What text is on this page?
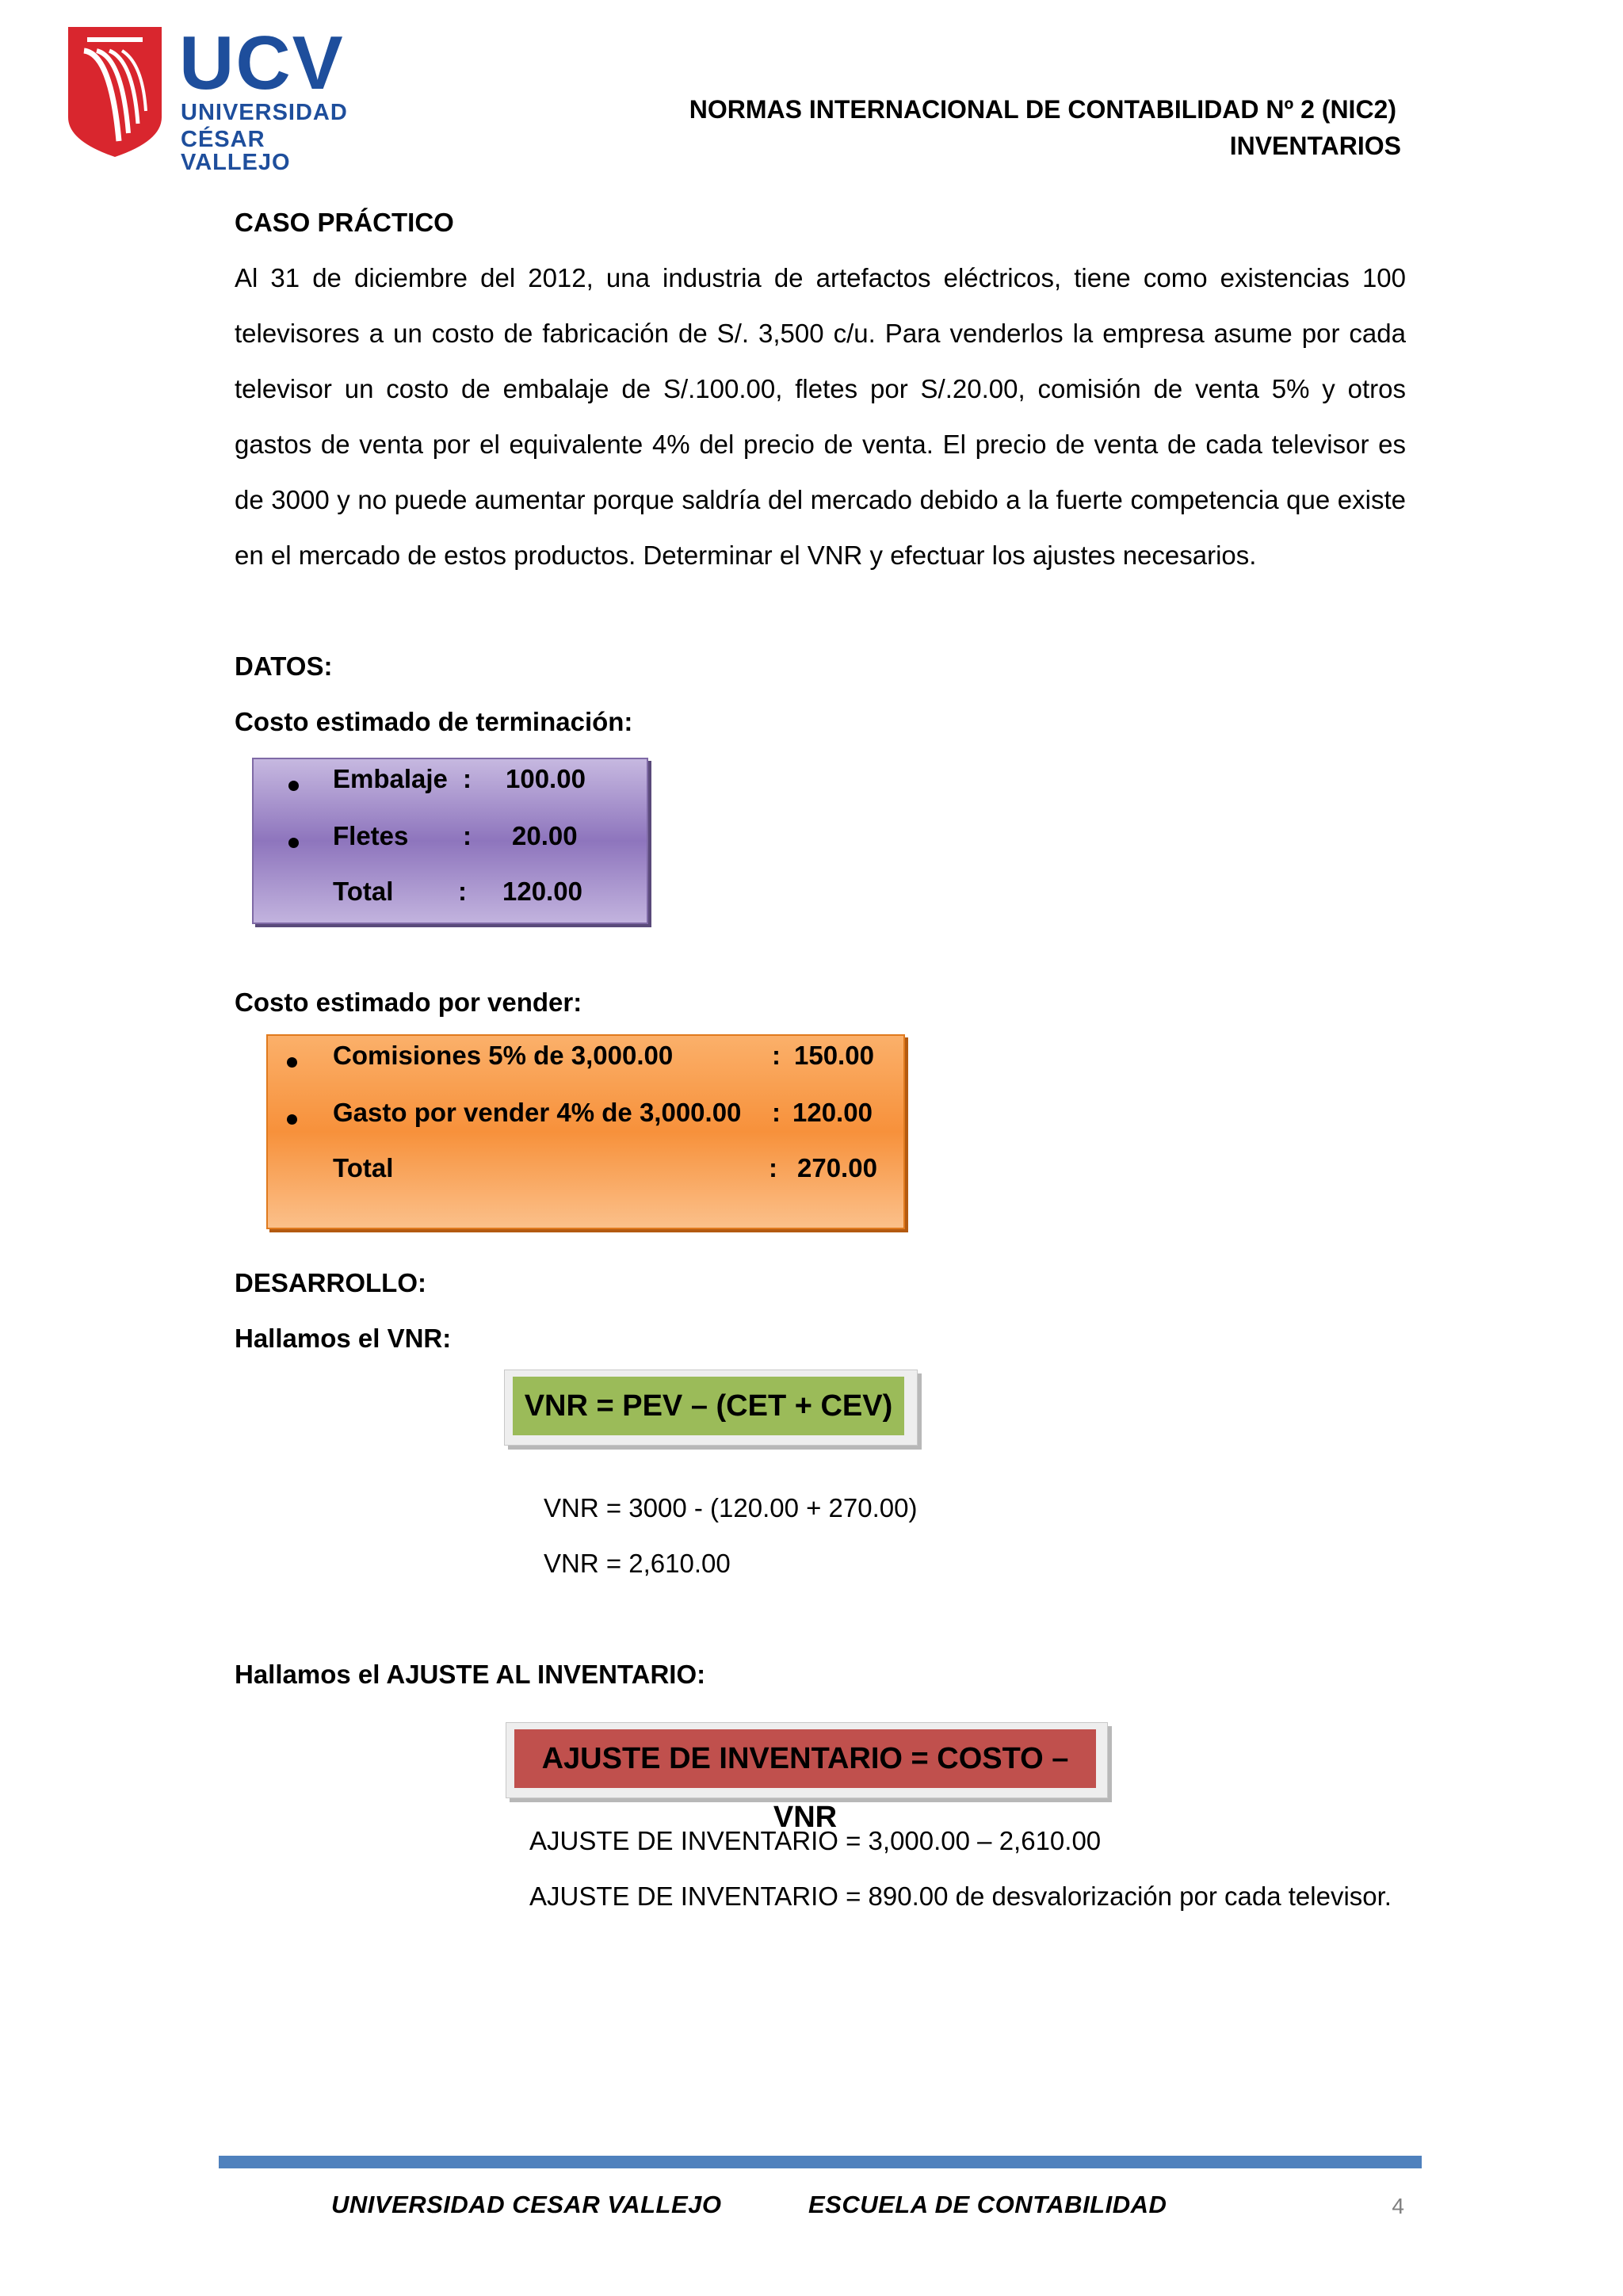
UCV
UNIVERSIDAD
CÉSAR VALLEJO
NORMAS INTERNACIONAL DE CONTABILIDAD Nº 2 (NIC2)
INVENTARIOS
CASO PRÁCTICO
Al 31 de diciembre del 2012, una industria de artefactos eléctricos, tiene como existencias 100 televisores a un costo de fabricación de S/. 3,500 c/u. Para venderlos la empresa asume por cada televisor un costo de embalaje de S/.100.00, fletes por S/.20.00, comisión de venta 5% y otros gastos de venta por el equivalente 4% del precio de venta. El precio de venta de cada televisor es de 3000 y no puede aumentar porque saldría del mercado debido a la fuerte competencia que existe en el mercado de estos productos. Determinar el VNR y efectuar los ajustes necesarios.
DATOS:
Costo estimado de terminación:
Embalaje : 100.00
Fletes : 20.00
Total : 120.00
Costo estimado por vender:
Comisiones 5% de 3,000.00	: 150.00
Gasto por vender 4% de 3,000.00 : 120.00
Total	: 270.00
DESARROLLO:
Hallamos el VNR:
VNR = PEV – (CET + CEV)
VNR = 3000 - (120.00 + 270.00)
VNR = 2,610.00
Hallamos el AJUSTE AL INVENTARIO:
AJUSTE DE INVENTARIO = COSTO – VNR
AJUSTE DE INVENTARIO = 3,000.00 – 2,610.00
AJUSTE DE INVENTARIO = 890.00 de desvalorización por cada televisor.
UNIVERSIDAD CESAR VALLEJO	ESCUELA DE CONTABILIDAD	4
